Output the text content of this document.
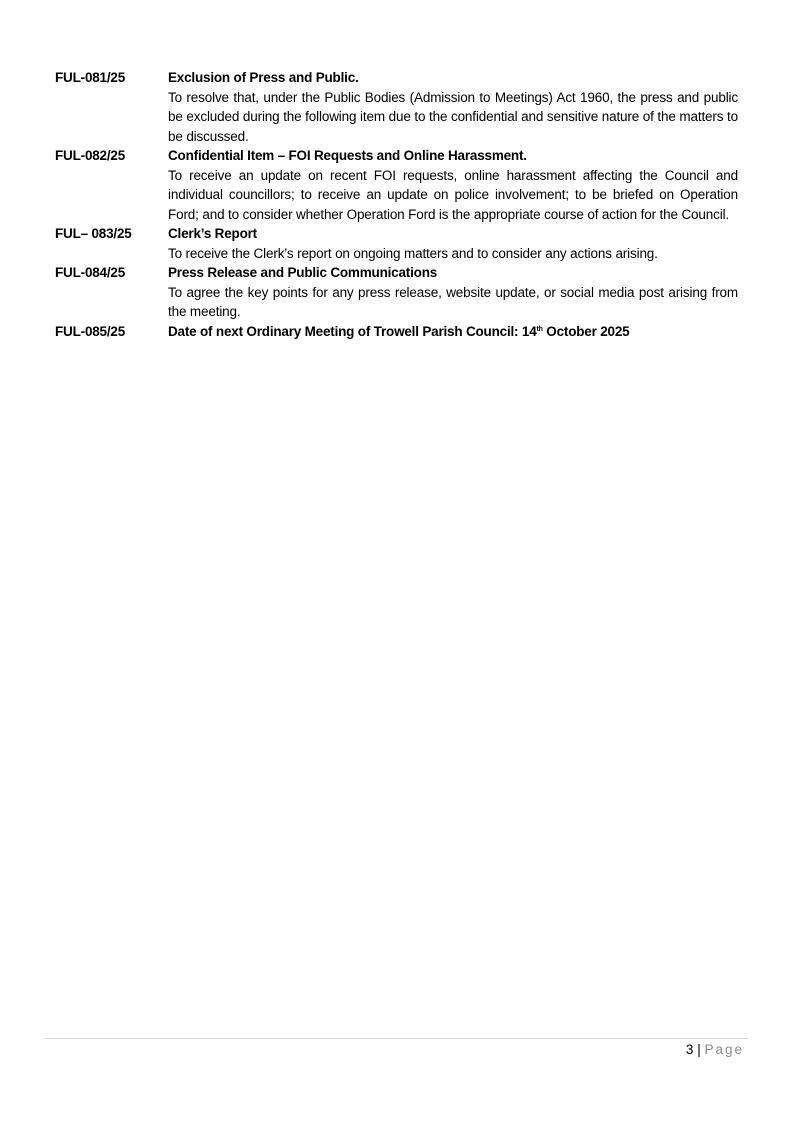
FUL-081/25	Exclusion of Press and Public.
To resolve that, under the Public Bodies (Admission to Meetings) Act 1960, the press and public be excluded during the following item due to the confidential and sensitive nature of the matters to be discussed.
FUL-082/25	Confidential Item – FOI Requests and Online Harassment.
To receive an update on recent FOI requests, online harassment affecting the Council and individual councillors; to receive an update on police involvement; to be briefed on Operation Ford; and to consider whether Operation Ford is the appropriate course of action for the Council.
FUL– 083/25	Clerk’s Report
To receive the Clerk’s report on ongoing matters and to consider any actions arising.
FUL-084/25	Press Release and Public Communications
To agree the key points for any press release, website update, or social media post arising from the meeting.
FUL-085/25	Date of next Ordinary Meeting of Trowell Parish Council: 14th October 2025
3 | Page
